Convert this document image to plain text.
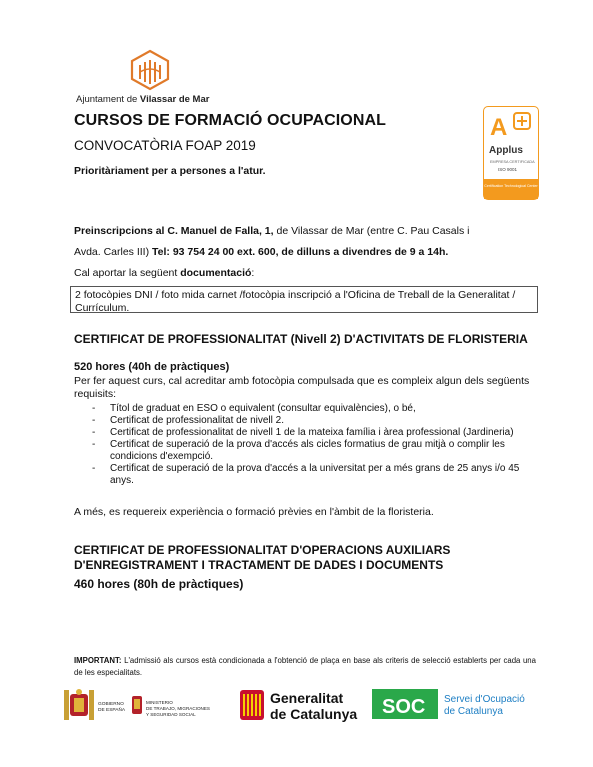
Ajuntament de Vilassar de Mar
CURSOS DE FORMACIÓ OCUPACIONAL
CONVOCATÒRIA FOAP 2019
Prioritàriament per a persones a l'atur.
A
Applus
EMPRESA CERTIFICADA
ISO 9001
Certification Technological Center
Preinscripcions al C. Manuel de Falla, 1, de Vilassar de Mar (entre C. Pau Casals i
Avda. Carles III) Tel: 93 754 24 00 ext. 600, de dilluns a divendres de 9 a 14h.
Cal aportar la següent documentació:
2 fotocòpies DNI / foto mida carnet /fotocòpia inscripció a l'Oficina de Treball de la Generalitat / Currículum.
CERTIFICAT DE PROFESSIONALITAT (Nivell 2) D'ACTIVITATS DE FLORISTERIA
520 hores (40h de pràctiques)
Per fer aquest curs, cal acreditar amb fotocòpia compulsada que es compleix algun dels següents requisits:
- Títol de graduat en ESO o equivalent (consultar equivalències), o bé,
- Certificat de professionalitat de nivell 2.
- Certificat de professionalitat de nivell 1 de la mateixa família i àrea professional (Jardineria)
- Certificat de superació de la prova d'accés als cicles formatius de grau mitjà o complir les condicions d'exempció.
- Certificat de superació de la prova d'accés a la universitat per a més grans de 25 anys i/o 45 anys.
A més, es requereix experiència o formació prèvies en l'àmbit de la floristeria.
CERTIFICAT DE PROFESSIONALITAT D'OPERACIONS AUXILIARS D'ENREGISTRAMENT I TRACTAMENT DE DADES I DOCUMENTS
460 hores (80h de pràctiques)
IMPORTANT: L'admissió als cursos està condicionada a l'obtenció de plaça en base als criteris de selecció establerts per cada una de les especialitats.
GOBIERNO
DE ESPAÑA
MINISTERIO
DE TRABAJO, MIGRACIONES
Y SEGURIDAD SOCIAL
Generalitat
de Catalunya SOC Servei d'Ocupació
de Catalunya
